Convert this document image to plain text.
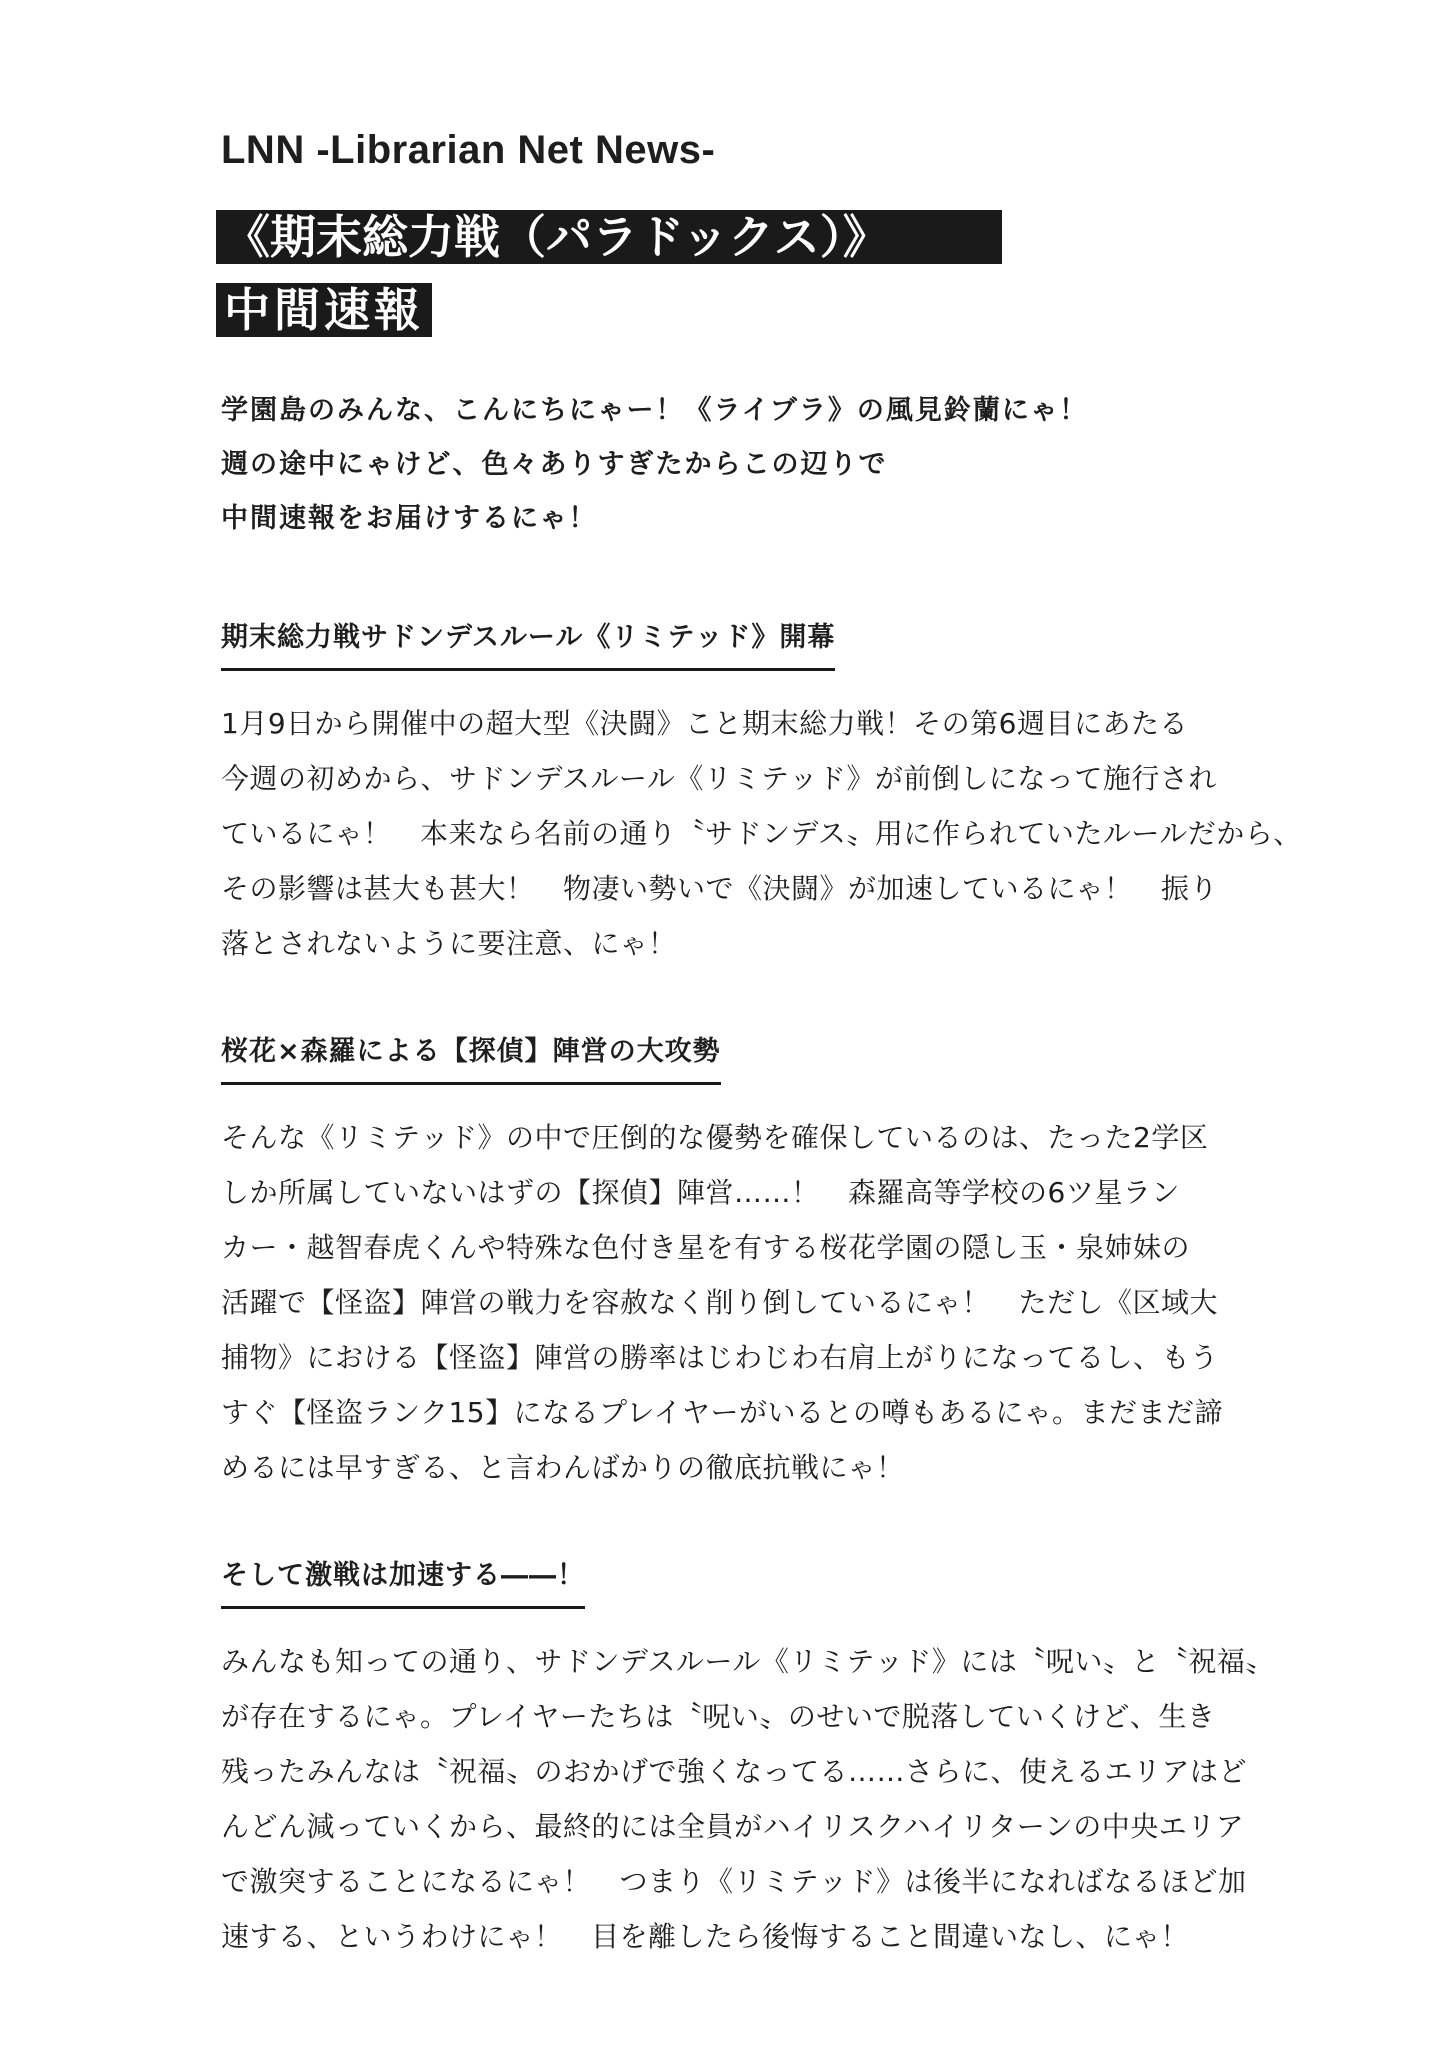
LNN -Librarian Net News-
《期末総力戦（パラドックス）》
中間速報
学園島のみんな、こんにちにゃー！《ライブラ》の風見鈴蘭にゃ！
週の途中にゃけど、色々ありすぎたからこの辺りで
中間速報をお届けするにゃ！
期末総力戦サドンデスルール《リミテッド》開幕
1月9日から開催中の超大型《決闘》こと期末総力戦！その第6週目にあたる
今週の初めから、サドンデスルール《リミテッド》が前倒しになって施行され
ているにゃ！　本来なら名前の通り〝サドンデス〟用に作られていたルールだから、
その影響は甚大も甚大！　物凄い勢いで《決闘》が加速しているにゃ！　振り
落とされないように要注意、にゃ！
桜花×森羅による【探偵】陣営の大攻勢
そんな《リミテッド》の中で圧倒的な優勢を確保しているのは、たった2学区
しか所属していないはずの【探偵】陣営……！　森羅高等学校の6ツ星ラン
カー・越智春虎くんや特殊な色付き星を有する桜花学園の隠し玉・泉姉妹の
活躍で【怪盗】陣営の戦力を容赦なく削り倒しているにゃ！　ただし《区域大
捕物》における【怪盗】陣営の勝率はじわじわ右肩上がりになってるし、もう
すぐ【怪盗ランク15】になるプレイヤーがいるとの噂もあるにゃ。まだまだ諦
めるには早すぎる、と言わんばかりの徹底抗戦にゃ！
そして激戦は加速する――！
みんなも知っての通り、サドンデスルール《リミテッド》には〝呪い〟と〝祝福〟
が存在するにゃ。プレイヤーたちは〝呪い〟のせいで脱落していくけど、生き
残ったみんなは〝祝福〟のおかげで強くなってる……さらに、使えるエリアはど
んどん減っていくから、最終的には全員がハイリスクハイリターンの中央エリア
で激突することになるにゃ！　つまり《リミテッド》は後半になればなるほど加
速する、というわけにゃ！　目を離したら後悔すること間違いなし、にゃ！
